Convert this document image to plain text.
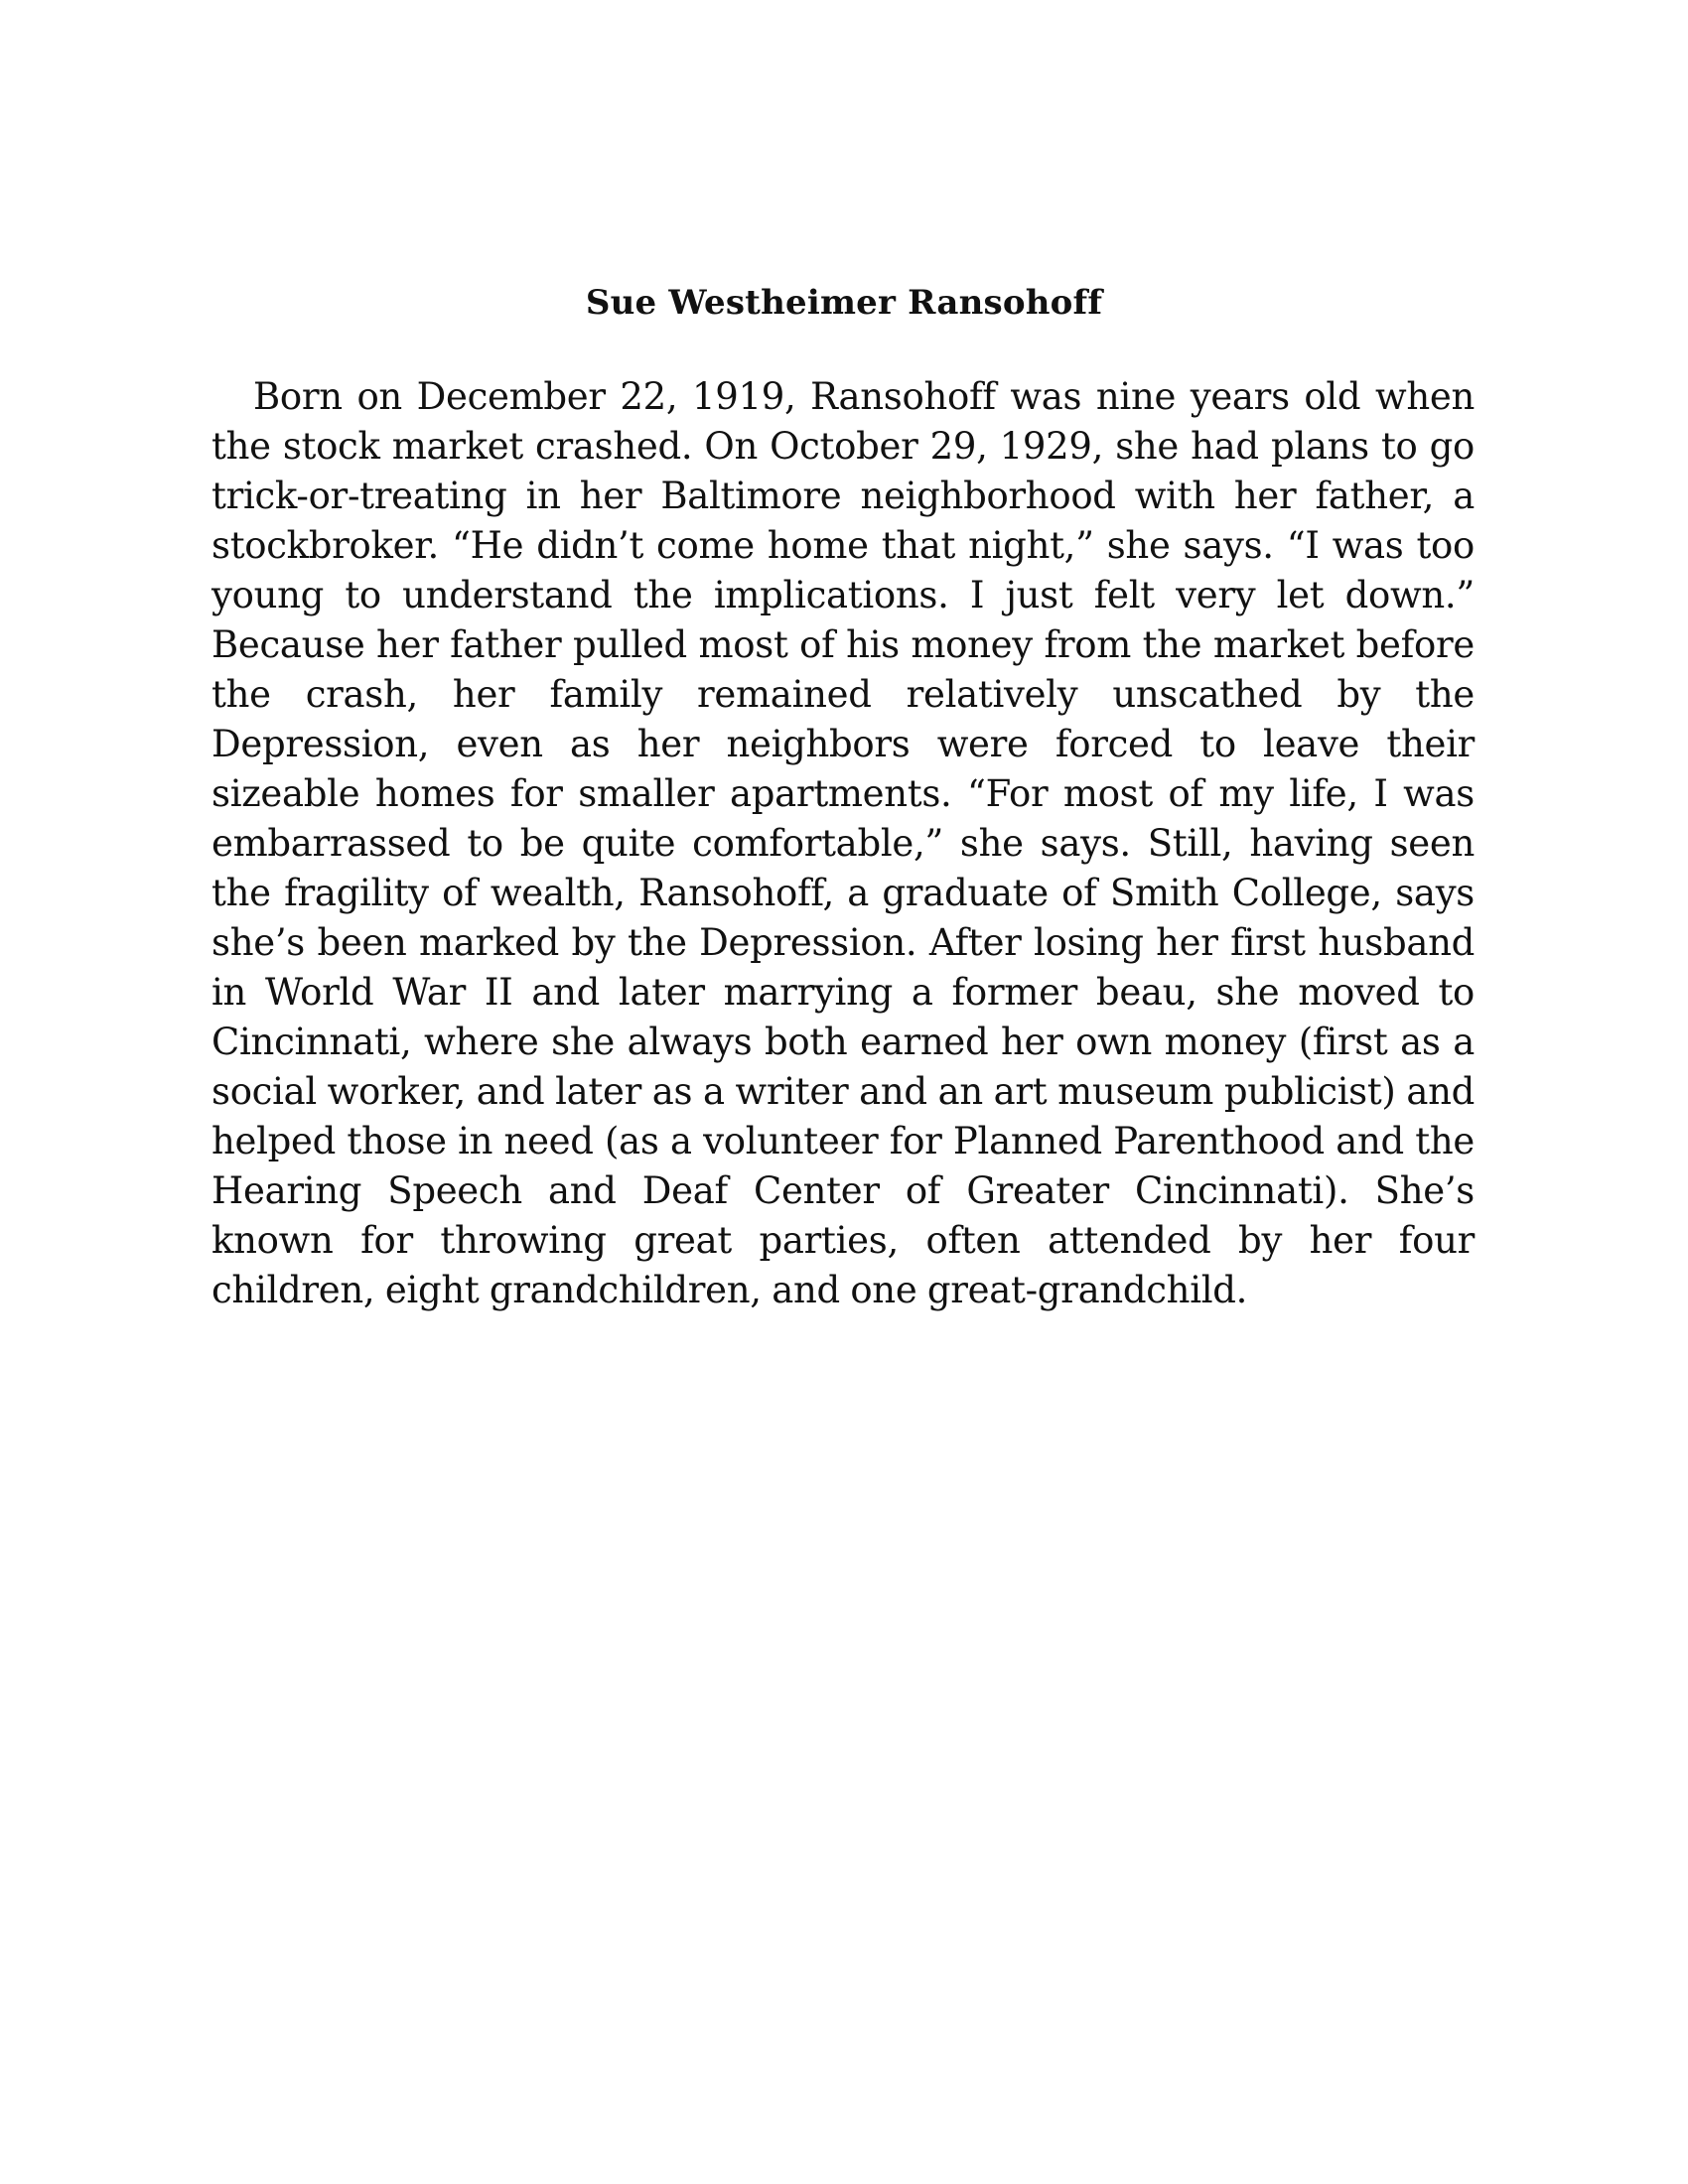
Sue Westheimer Ransohoff

Born on December 22, 1919, Ransohoff was nine years old when the stock market crashed. On October 29, 1929, she had plans to go trick-or-treating in her Baltimore neighborhood with her father, a stockbroker. “He didn’t come home that night,” she says. “I was too young to understand the implications. I just felt very let down.” Because her father pulled most of his money from the market before the crash, her family remained relatively unscathed by the Depression, even as her neighbors were forced to leave their sizeable homes for smaller apartments. “For most of my life, I was embarrassed to be quite comfortable,” she says. Still, having seen the fragility of wealth, Ransohoff, a graduate of Smith College, says she’s been marked by the Depression. After losing her first husband in World War II and later marrying a former beau, she moved to Cincinnati, where she always both earned her own money (first as a social worker, and later as a writer and an art museum publicist) and helped those in need (as a volunteer for Planned Parenthood and the Hearing Speech and Deaf Center of Greater Cincinnati). She’s known for throwing great parties, often attended by her four children, eight grandchildren, and one great-grandchild.
